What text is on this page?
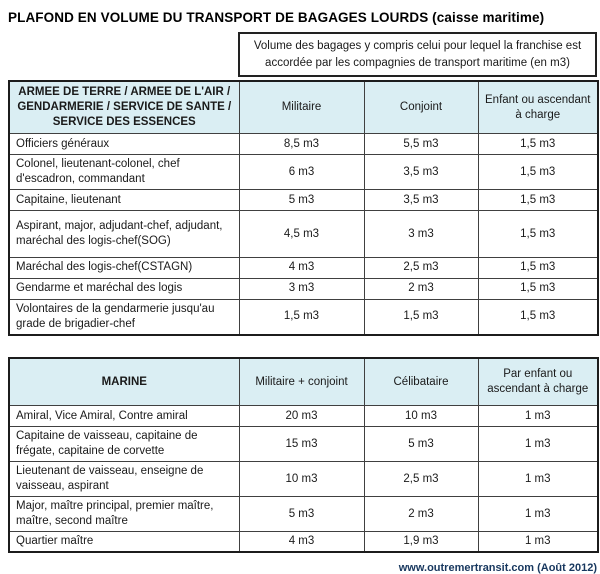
PLAFOND EN VOLUME DU TRANSPORT DE BAGAGES LOURDS (caisse maritime)
Volume des bagages y compris celui pour lequel la franchise est accordée par les compagnies de transport maritime (en m3)
ARMEE DE TERRE / ARMEE DE L'AIR / GENDARMERIE / SERVICE DE SANTE / SERVICE DES ESSENCES	Militaire	Conjoint	Enfant ou ascendant à charge
Officiers généraux	8,5 m3	5,5 m3	1,5 m3
Colonel, lieutenant-colonel, chef d'escadron, commandant	6 m3	3,5 m3	1,5 m3
Capitaine, lieutenant	5 m3	3,5 m3	1,5 m3
Aspirant, major, adjudant-chef, adjudant, maréchal des logis-chef(SOG)	4,5 m3	3 m3	1,5 m3
Maréchal des logis-chef(CSTAGN)	4 m3	2,5 m3	1,5 m3
Gendarme et maréchal des logis	3 m3	2 m3	1,5 m3
Volontaires de la gendarmerie jusqu'au grade de brigadier-chef	1,5 m3	1,5 m3	1,5 m3
MARINE	Militaire + conjoint	Célibataire	Par enfant ou ascendant à charge
Amiral, Vice Amiral, Contre amiral	20 m3	10 m3	1 m3
Capitaine de vaisseau, capitaine de frégate, capitaine de corvette	15 m3	5 m3	1 m3
Lieutenant de vaisseau, enseigne de vaisseau, aspirant	10 m3	2,5 m3	1 m3
Major, maître principal, premier maître, maître, second maître	5 m3	2 m3	1 m3
Quartier maître	4 m3	1,9 m3	1 m3
www.outremertransit.com (Août 2012)
